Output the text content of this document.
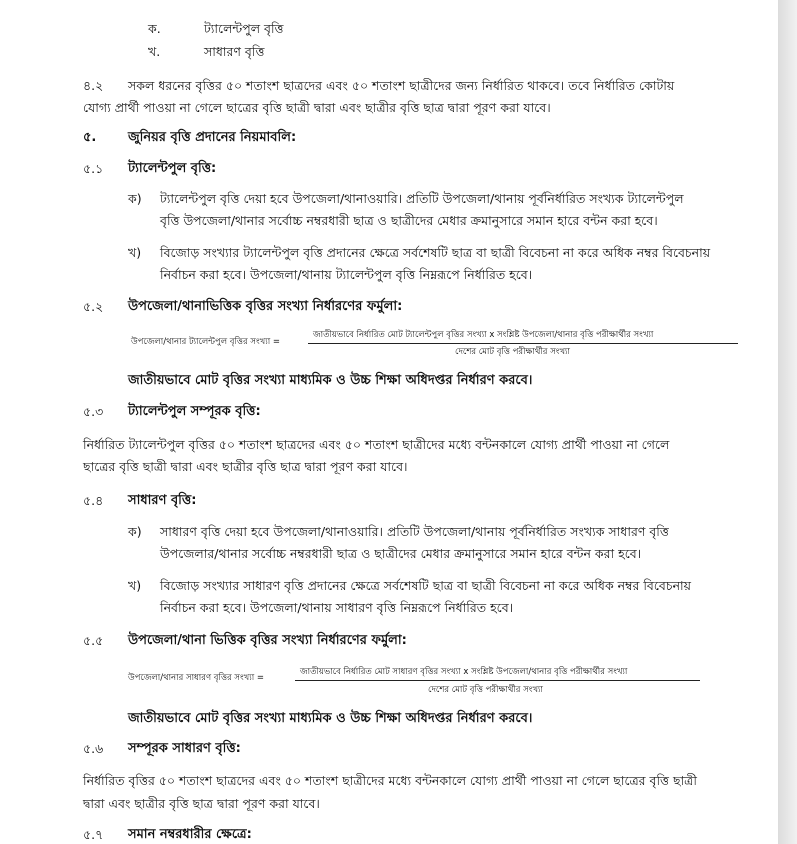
ক.	ট্যালেন্টপুল বৃত্তি
খ.	সাধারণ বৃত্তি
৪.২ সকল ধরনের বৃত্তির ৫০ শতাংশ ছাত্রদের এবং ৫০ শতাংশ ছাত্রীদের জন্য নির্ধারিত থাকবে। তবে নির্ধারিত কোটায়
যোগ্য প্রার্থী পাওয়া না গেলে ছাত্রের বৃত্তি ছাত্রী দ্বারা এবং ছাত্রীর বৃত্তি ছাত্র দ্বারা পূরণ করা যাবে।
৫. জুনিয়র বৃত্তি প্রদানের নিয়মাবলি:
৫.১ ট্যালেন্টপুল বৃত্তি:
ক) ট্যালেন্টপুল বৃত্তি দেয়া হবে উপজেলা/থানাওয়ারি। প্রতিটি উপজেলা/থানায় পূর্বনির্ধারিত সংখ্যক ট্যালেন্টপুল
বৃত্তি উপজেলা/থানার সর্বোচ্চ নম্বরধারী ছাত্র ও ছাত্রীদের মেধার ক্রমানুসারে সমান হারে বন্টন করা হবে।
খ) বিজোড় সংখ্যার ট্যালেন্টপুল বৃত্তি প্রদানের ক্ষেত্রে সর্বশেষটি ছাত্র বা ছাত্রী বিবেচনা না করে অধিক নম্বর বিবেচনায়
নির্বাচন করা হবে। উপজেলা/থানায় ট্যালেন্টপুল বৃত্তি নিম্নরূপে নির্ধারিত হবে।
৫.২ উপজেলা/থানাভিত্তিক বৃত্তির সংখ্যা নির্ধারণের ফর্মুলা:
উপজেলা/থানার ট্যালেন্টপুল বৃত্তির সংখ্যা =
জাতীয়ভাবে নির্ধারিত মোট ট্যালেন্টপুল বৃত্তির সংখ্যা x সংশ্লিষ্ট উপজেলা/থানার বৃত্তি পরীক্ষার্থীর সংখ্যা
দেশের মোট বৃত্তি পরীক্ষার্থীর সংখ্যা
জাতীয়ভাবে মোট বৃত্তির সংখ্যা মাধ্যমিক ও উচ্চ শিক্ষা অধিদপ্তর নির্ধারণ করবে।
৫.৩ ট্যালেন্টপুল সম্পূরক বৃত্তি:
নির্ধারিত ট্যালেন্টপুল বৃত্তির ৫০ শতাংশ ছাত্রদের এবং ৫০ শতাংশ ছাত্রীদের মধ্যে বন্টনকালে যোগ্য প্রার্থী পাওয়া না গেলে
ছাত্রের বৃত্তি ছাত্রী দ্বারা এবং ছাত্রীর বৃত্তি ছাত্র দ্বারা পূরণ করা যাবে।
৫.৪ সাধারণ বৃত্তি:
ক) সাধারণ বৃত্তি দেয়া হবে উপজেলা/থানাওয়ারি। প্রতিটি উপজেলা/থানায় পূর্বনির্ধারিত সংখ্যক সাধারণ বৃত্তি
উপজেলার/থানার সর্বোচ্চ নম্বরধারী ছাত্র ও ছাত্রীদের মেধার ক্রমানুসারে সমান হারে বন্টন করা হবে।
খ) বিজোড় সংখ্যার সাধারণ বৃত্তি প্রদানের ক্ষেত্রে সর্বশেষটি ছাত্র বা ছাত্রী বিবেচনা না করে অধিক নম্বর বিবেচনায়
নির্বাচন করা হবে। উপজেলা/থানায় সাধারণ বৃত্তি নিম্নরূপে নির্ধারিত হবে।
৫.৫ উপজেলা/থানা ভিত্তিক বৃত্তির সংখ্যা নির্ধারণের ফর্মুলা:
উপজেলা/থানার সাধারণ বৃত্তির সংখ্যা =
জাতীয়ভাবে নির্ধারিত মোট সাধারণ বৃত্তির সংখ্যা x সংশ্লিষ্ট উপজেলা/থানার বৃত্তি পরীক্ষার্থীর সংখ্যা
দেশের মোট বৃত্তি পরীক্ষার্থীর সংখ্যা
জাতীয়ভাবে মোট বৃত্তির সংখ্যা মাধ্যমিক ও উচ্চ শিক্ষা অধিদপ্তর নির্ধারণ করবে।
৫.৬ সম্পূরক সাধারণ বৃত্তি:
নির্ধারিত বৃত্তির ৫০ শতাংশ ছাত্রদের এবং ৫০ শতাংশ ছাত্রীদের মধ্যে বন্টনকালে যোগ্য প্রার্থী পাওয়া না গেলে ছাত্রের বৃত্তি ছাত্রী
দ্বারা এবং ছাত্রীর বৃত্তি ছাত্র দ্বারা পূরণ করা যাবে।
৫.৭ সমান নম্বরধারীর ক্ষেত্রে:
